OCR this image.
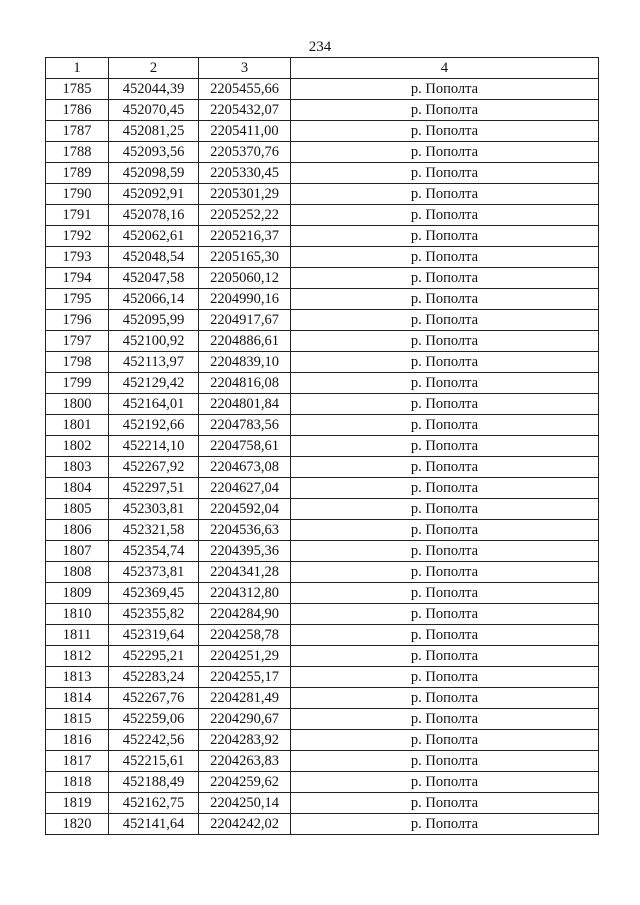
234
1	2	3	4
1785	452044,39	2205455,66	р. Пополта
1786	452070,45	2205432,07	р. Пополта
1787	452081,25	2205411,00	р. Пополта
1788	452093,56	2205370,76	р. Пополта
1789	452098,59	2205330,45	р. Пополта
1790	452092,91	2205301,29	р. Пополта
1791	452078,16	2205252,22	р. Пополта
1792	452062,61	2205216,37	р. Пополта
1793	452048,54	2205165,30	р. Пополта
1794	452047,58	2205060,12	р. Пополта
1795	452066,14	2204990,16	р. Пополта
1796	452095,99	2204917,67	р. Пополта
1797	452100,92	2204886,61	р. Пополта
1798	452113,97	2204839,10	р. Пополта
1799	452129,42	2204816,08	р. Пополта
1800	452164,01	2204801,84	р. Пополта
1801	452192,66	2204783,56	р. Пополта
1802	452214,10	2204758,61	р. Пополта
1803	452267,92	2204673,08	р. Пополта
1804	452297,51	2204627,04	р. Пополта
1805	452303,81	2204592,04	р. Пополта
1806	452321,58	2204536,63	р. Пополта
1807	452354,74	2204395,36	р. Пополта
1808	452373,81	2204341,28	р. Пополта
1809	452369,45	2204312,80	р. Пополта
1810	452355,82	2204284,90	р. Пополта
1811	452319,64	2204258,78	р. Пополта
1812	452295,21	2204251,29	р. Пополта
1813	452283,24	2204255,17	р. Пополта
1814	452267,76	2204281,49	р. Пополта
1815	452259,06	2204290,67	р. Пополта
1816	452242,56	2204283,92	р. Пополта
1817	452215,61	2204263,83	р. Пополта
1818	452188,49	2204259,62	р. Пополта
1819	452162,75	2204250,14	р. Пополта
1820	452141,64	2204242,02	р. Пополта
